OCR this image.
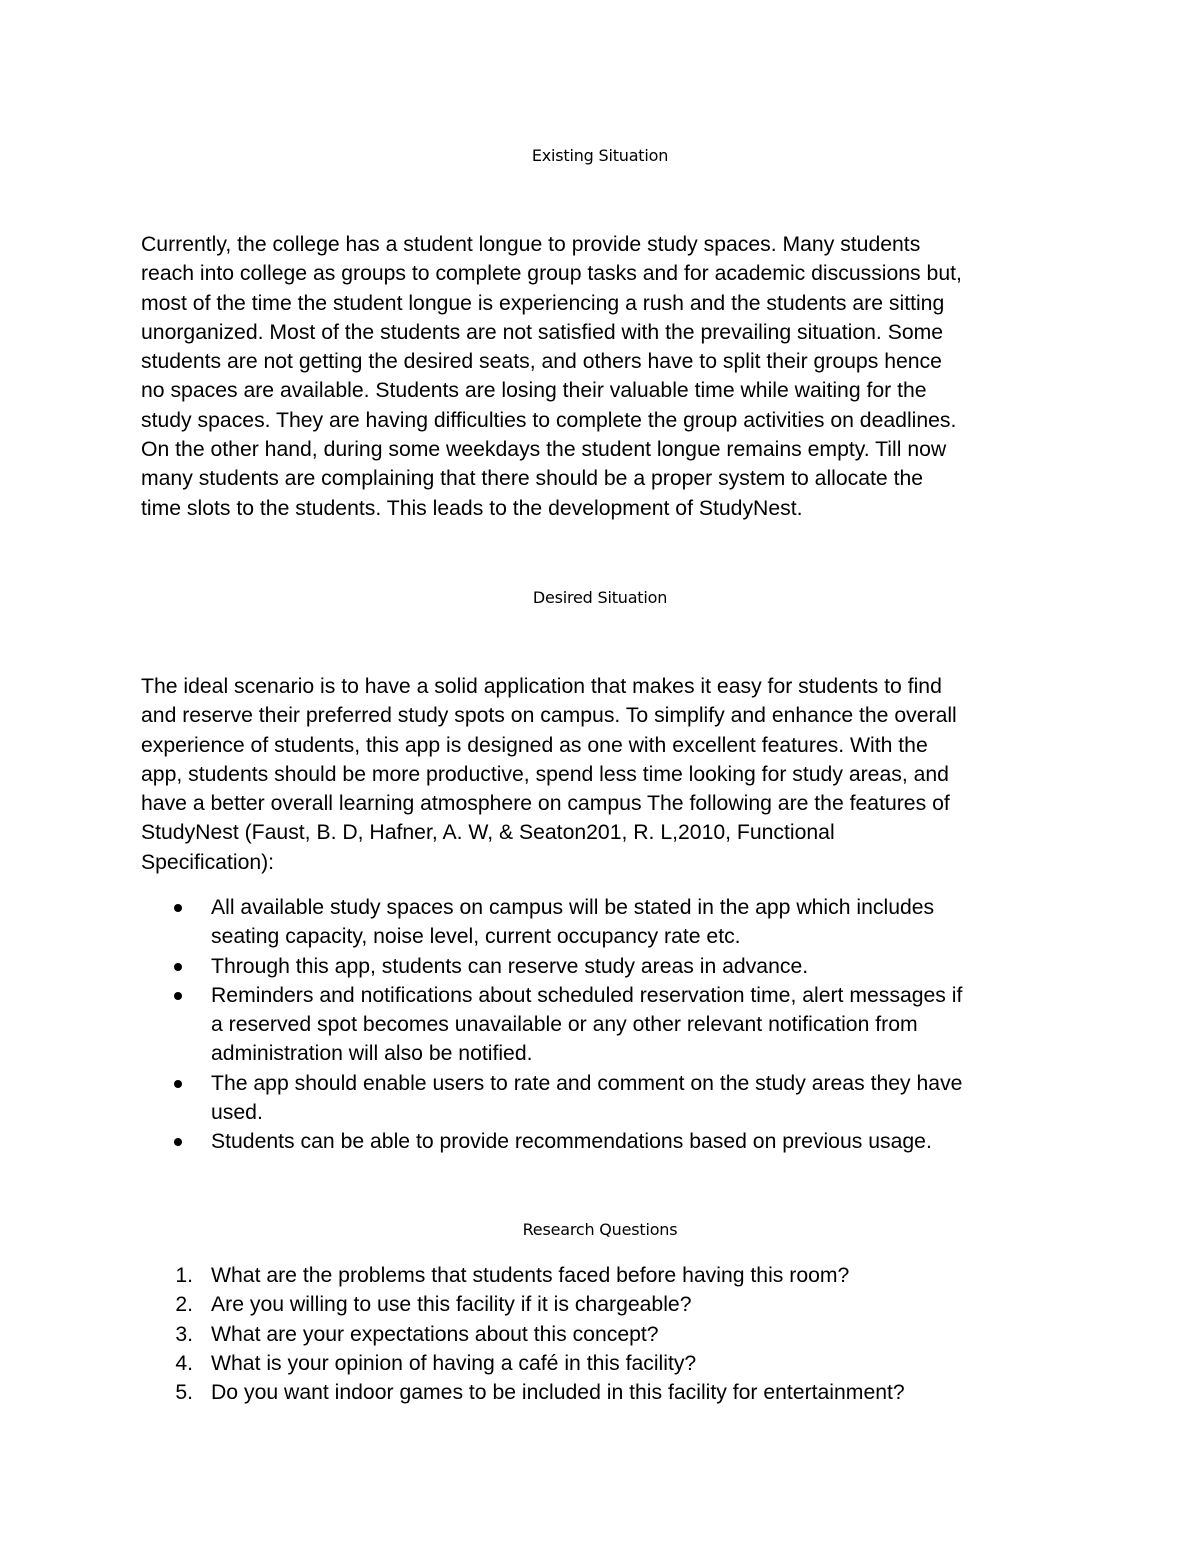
Existing Situation
Currently, the college has a student longue to provide study spaces. Many students
reach into college as groups to complete group tasks and for academic discussions but,
most of the time the student longue is experiencing a rush and the students are sitting
unorganized. Most of the students are not satisfied with the prevailing situation. Some
students are not getting the desired seats, and others have to split their groups hence
no spaces are available. Students are losing their valuable time while waiting for the
study spaces. They are having difficulties to complete the group activities on deadlines.
On the other hand, during some weekdays the student longue remains empty. Till now
many students are complaining that there should be a proper system to allocate the
time slots to the students. This leads to the development of StudyNest.
Desired Situation
The ideal scenario is to have a solid application that makes it easy for students to find
and reserve their preferred study spots on campus. To simplify and enhance the overall
experience of students, this app is designed as one with excellent features. With the
app, students should be more productive, spend less time looking for study areas, and
have a better overall learning atmosphere on campus The following are the features of
StudyNest (Faust, B. D, Hafner, A. W, & Seaton201, R. L,2010, Functional
Specification):
All available study spaces on campus will be stated in the app which includes
seating capacity, noise level, current occupancy rate etc.
Through this app, students can reserve study areas in advance.
Reminders and notifications about scheduled reservation time, alert messages if
a reserved spot becomes unavailable or any other relevant notification from
administration will also be notified.
The app should enable users to rate and comment on the study areas they have
used.
Students can be able to provide recommendations based on previous usage.
Research Questions
1. What are the problems that students faced before having this room?
2. Are you willing to use this facility if it is chargeable?
3. What are your expectations about this concept?
4. What is your opinion of having a café in this facility?
5. Do you want indoor games to be included in this facility for entertainment?
